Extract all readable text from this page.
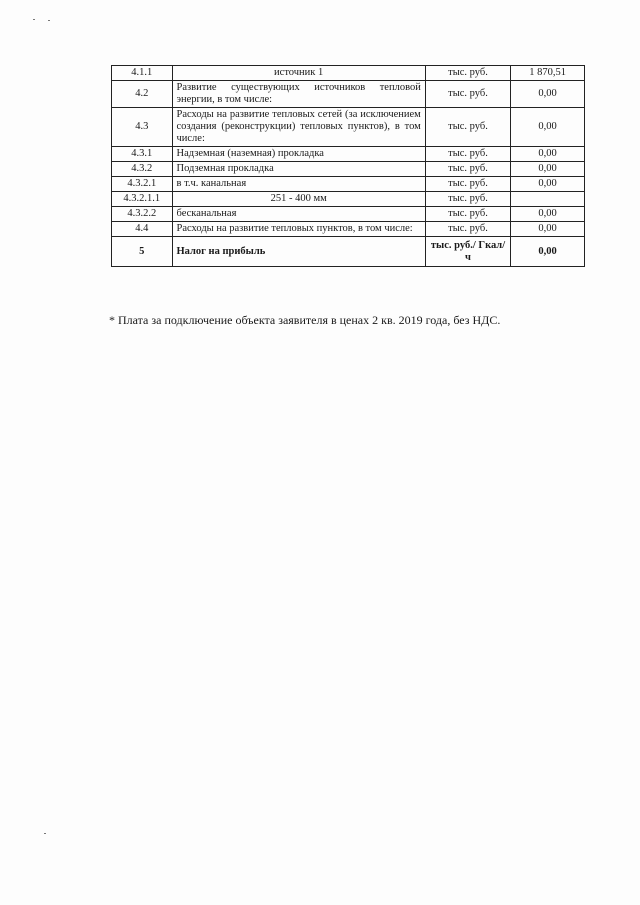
4.1.1	источник 1	тыс. руб.	1 870,51
4.2	Развитие существующих источников тепловой энергии, в том числе:	тыс. руб.	0,00
4.3	Расходы на развитие тепловых сетей (за исключением создания (реконструкции) тепловых пунктов), в том числе:	тыс. руб.	0,00
4.3.1	Надземная (наземная) прокладка	тыс. руб.	0,00
4.3.2	Подземная прокладка	тыс. руб.	0,00
4.3.2.1	в т.ч. канальная	тыс. руб.	0,00
4.3.2.1.1	251 - 400 мм	тыс. руб.	
4.3.2.2	бесканальная	тыс. руб.	0,00
4.4	Расходы на развитие тепловых пунктов, в том числе:	тыс. руб.	0,00
5	Налог на прибыль	тыс. руб./ Гкал/ч	0,00
* Плата за подключение объекта заявителя в ценах 2 кв. 2019 года, без НДС.
